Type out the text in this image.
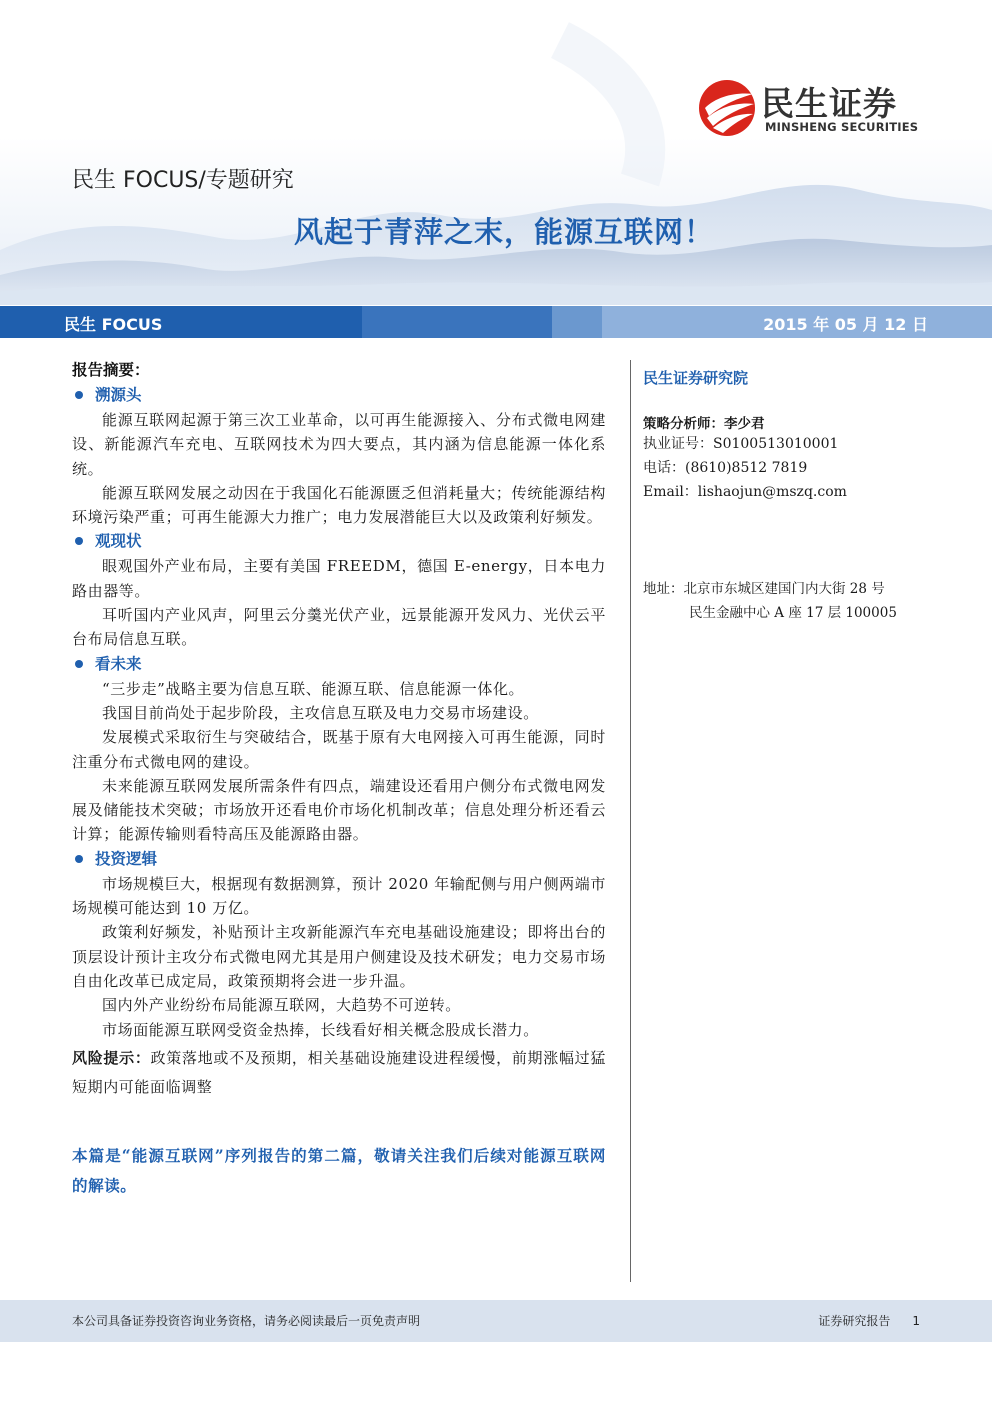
民生证券
MINSHENG SECURITIES
民生 FOCUS/专题研究
风起于青萍之末，能源互联网！
民生 FOCUS	2015 年 05 月 12 日
报告摘要：
溯源头

能源互联网起源于第三次工业革命，以可再生能源接入、分布式微电网建设、新能源汽车充电、互联网技术为四大要点，其内涵为信息能源一体化系统。

能源互联网发展之动因在于我国化石能源匮乏但消耗量大；传统能源结构环境污染严重；可再生能源大力推广；电力发展潜能巨大以及政策利好频发。

观现状

眼观国外产业布局，主要有美国 FREEDM，德国 E-energy，日本电力路由器等。

耳听国内产业风声，阿里云分羹光伏产业，远景能源开发风力、光伏云平台布局信息互联。

看未来

“三步走”战略主要为信息互联、能源互联、信息能源一体化。

我国目前尚处于起步阶段，主攻信息互联及电力交易市场建设。

发展模式采取衍生与突破结合，既基于原有大电网接入可再生能源，同时注重分布式微电网的建设。

未来能源互联网发展所需条件有四点，端建设还看用户侧分布式微电网发展及储能技术突破；市场放开还看电价市场化机制改革；信息处理分析还看云计算；能源传输则看特高压及能源路由器。

投资逻辑

市场规模巨大，根据现有数据测算，预计 2020 年输配侧与用户侧两端市场规模可能达到 10 万亿。

政策利好频发，补贴预计主攻新能源汽车充电基础设施建设；即将出台的顶层设计预计主攻分布式微电网尤其是用户侧建设及技术研发；电力交易市场自由化改革已成定局，政策预期将会进一步升温。

国内外产业纷纷布局能源互联网，大趋势不可逆转。

市场面能源互联网受资金热捧，长线看好相关概念股成长潜力。

风险提示：政策落地或不及预期，相关基础设施建设进程缓慢，前期涨幅过猛短期内可能面临调整

本篇是“能源互联网”序列报告的第二篇，敬请关注我们后续对能源互联网的解读。

民生证券研究院
策略分析师：李少君
执业证号：S0100513010001
电话：(8610)8512 7819
Email：lishaojun@mszq.com
地址：北京市东城区建国门内大街 28 号
民生金融中心 A 座 17 层 100005
本公司具备证券投资咨询业务资格，请务必阅读最后一页免责声明	证券研究报告 1
